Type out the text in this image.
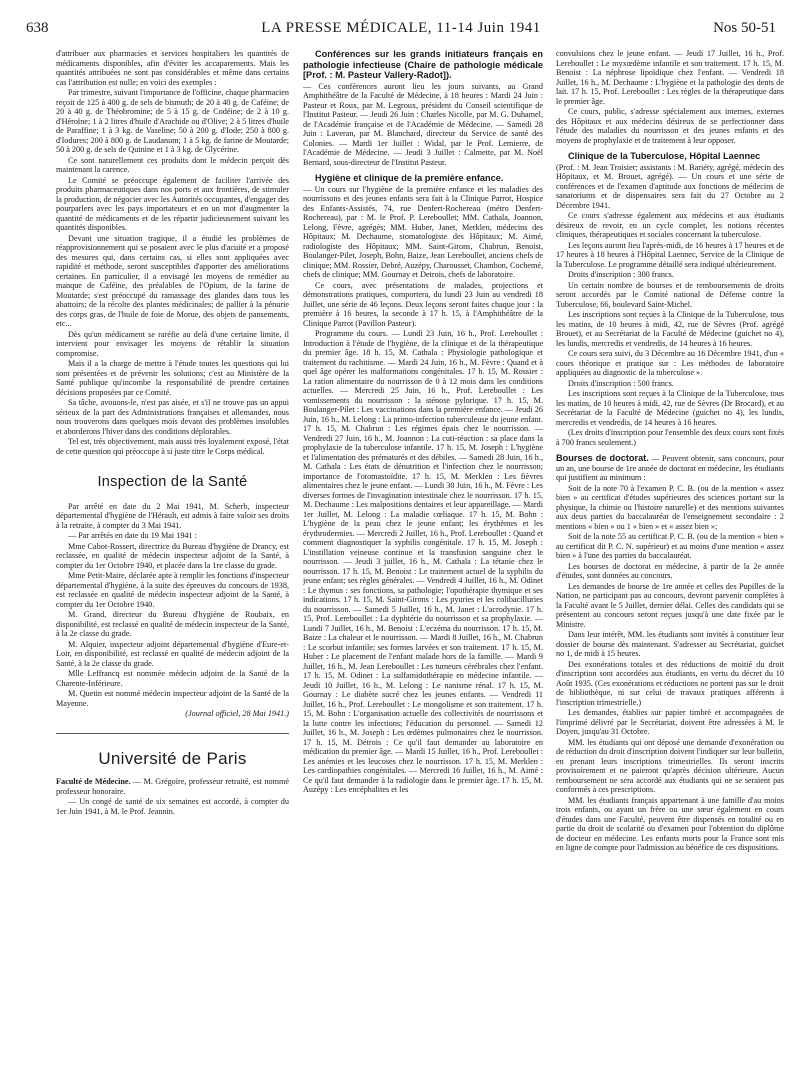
638	LA PRESSE MÉDICALE, 11-14 Juin 1941	Nos 50-51

d'attribuer aux pharmacies et services hospitaliers les quantités de médicaments disponibles, afin d'éviter les accaparements. Mais les quantités attribuées ne sont pas considérables et même dans certains cas l'attribution est nulle; en voici des exemples :

Par trimestre, suivant l'importance de l'officine, chaque pharmacien reçoit de 125 à 400 g. de sels de bismuth; de 20 à 40 g. de Caféine; de 20 à 40 g. de Théobromine; de 5 à 15 g. de Codéine; de 2 à 10 g. d'Héroïne; 1 à 2 litres d'huile d'Arachide ou d'Olive; 2 à 5 litres d'huile de Paraffine; 1 à 3 kg. de Vaseline; 50 à 200 g. d'Iode; 250 à 800 g. d'Iodures; 200 à 800 g. de Laudanum; 1 à 5 kg. de farine de Moutarde; 50 à 200 g. de sels de Quinine et 1 à 3 kg. de Glycérine.

Ce sont naturellement ces produits dont le médecin perçoit dès maintenant la carence.

Le Comité se préoccupe également de faciliter l'arrivée des produits pharmaceutiques dans nos ports et aux frontières, de stimuler la production, de négocier avec les Autorités occupantes, d'engager des pourparlers avec les pays importateurs et en un mot d'augmenter la quantité de médicaments et de les répartir judicieusement suivant les quantités disponibles.

Devant une situation tragique, il a étudié les problèmes de réapprovisionnement qui se posaient avec le plus d'acuité et a proposé des mesures qui, dans certains cas, si elles sont appliquées avec rapidité et méthode, seront susceptibles d'apporter des améliorations certaines. En particulier, il a envisagé les moyens de remédier au manque de Caféine, des préalables de l'Opium, de la farine de Moutarde; s'est préoccupé du ramassage des glandes dans tous les abattoirs; de la récolte des plantes médicinales; de pallier à la pénurie des corps gras, de l'huile de foie de Morue, des objets de pansements, etc...

Dès qu'un médicament se raréfie au delà d'une certaine limite, il intervient pour envisager les moyens de rétablir la situation compromise.

Mais il a la charge de mettre à l'étude toutes les questions qui lui sont présentées et de prévenir les solutions; c'est au Ministère de la Santé publique qu'incombe la responsabilité de prendre certaines décisions proposées par ce Comité.

Sa tâche, avouons-le, n'est pas aisée, et s'il ne trouve pas un appui sérieux de la part des Administrations françaises et allemandes, nous nous trouverons dans quelques mois devant des problèmes insolubles et aborderons l'hiver dans des conditions déplorables.

Tel est, très objectivement, mais aussi très loyalement exposé, l'état de cette question qui préoccupe à si juste titre le Corps médical.

Inspection de la Santé

Par arrêté en date du 2 Mai 1941, M. Scherb, inspecteur départemental d'hygiène de l'Hérault, est admis à faire valoir ses droits à la retraite, à compter du 3 Mai 1941.

— Par arrêtés en date du 19 Mai 1941 :

Mme Cabot-Rossert, directrice du Bureau d'hygiène de Drancy, est reclassée, en qualité de médecin inspecteur adjoint de la Santé, à compter du 1er Octobre 1940, et placée dans la 1re classe du grade.

Mme Petit-Maire, déclarée apte à remplir les fonctions d'inspecteur départemental d'hygiène, à la suite des épreuves du concours de 1938, est reclassée en qualité de médecin inspecteur adjoint de la Santé, à compter du 1er Octobre 1940.

M. Grand, directeur du Bureau d'hygiène de Roubaix, en disponibilité, est reclassé en qualité de médecin inspecteur de la Santé, à la 2e classe du grade.

M. Alquier, inspecteur adjoint départemental d'hygiène d'Eure-et-Loir, en disponibilité, est reclassé en qualité de médecin adjoint de la Santé, à la 2e classe du grade.

Mlle Leffrancq est nommée médecin adjoint de la Santé de la Charente-Inférieure.

M. Quetin est nommé médecin inspecteur adjoint de la Santé de la Mayenne.

(Journal officiel, 28 Mai 1941.)

Université de Paris

Faculté de Médecine. — M. Grégoire, professeur retraité, est nommé professeur honoraire.

— Un congé de santé de six semaines est accordé, à compter du 1er Juin 1941, à M. le Prof. Jeannin.

Conférences sur les grands initiateurs français en pathologie infectieuse (Chaire de pathologie médicale [Prof. : M. Pasteur Vallery-Radot]).

— Ces conférences auront lieu les jours suivants, au Grand Amphithéâtre de la Faculté de Médecine, à 18 heures : Mardi 24 Juin : Pasteur et Roux, par M. Legroux, président du Conseil scientifique de l'Institut Pasteur. — Jeudi 26 Juin : Charles Nicolle, par M. G. Duhamel, de l'Académie française et de l'Académie de Médecine. — Samedi 28 Juin : Laveran, par M. Blanchard, directeur du Service de santé des Colonies. — Mardi 1er Juillet : Widal, par le Prof. Lemierre, de l'Académie de Médecine. — Jeudi 3 Juillet : Calmette, par M. Noël Bernard, sous-directeur de l'Institut Pasteur.

Hygiène et clinique de la première enfance.

— Un cours sur l'hygiène de la première enfance et les maladies des nourrissons et des jeunes enfants sera fait à la Clinique Parrot, Hospice des Enfants-Assistés, 74, rue Denfert-Rochereau (métro Denfert-Rochereau), par : M. le Prof. P. Lereboullet; MM. Cathala, Joannon, Lelong, Fèvre, agrégés; MM. Huber, Janet, Merklen, médecins des Hôpitaux; M. Dechaume, stomatologiste des Hôpitaux; M. Aimé, radiologiste des Hôpitaux; MM. Saint-Girons, Chabrun, Benoist, Boulanger-Pilet, Joseph, Bohn, Baize, Jean Lereboullet, anciens chefs de clinique; MM. Rossier, Debré, Auzépy, Charousset, Chambon, Cochemé, chefs de clinique; MM. Gournay et Detrois, chefs de laboratoire.

Ce cours, avec présentations de malades, projections et démonstrations pratiques, comportera, du lundi 23 Juin au vendredi 18 Juillet, une série de 46 leçons. Deux leçons seront faites chaque jour : la première à 16 heures, la seconde à 17 h. 15, à l'Amphithéâtre de la Clinique Parrot (Pavillon Pasteur).

Programme du cours. — Lundi 23 Juin, 16 h., Prof. Lereboullet : Introduction à l'étude de l'hygiène, de la clinique et de la thérapeutique du premier âge. 18 h. 15, M. Cathala : Physiologie pathologique et traitement du rachitisme. — Mardi 24 Juin, 16 h., M. Fèvre : Quand et à quel âge opérer les malformations congénitales. 17 h. 15, M. Rossier : La ration alimentaire du nourrisson de 0 à 12 mois dans les conditions actuelles. — Mercredi 25 Juin, 16 h., Prof. Lereboullet : Les vomissements du nourrisson : la sténose pylorique. 17 h. 15, M. Boulanger-Pilet : Les vaccinations dans la première enfance. — Jeudi 26 Juin, 16 h., M. Lelong : La primo-infection tuberculeuse du jeune enfant. 17 h. 15, M. Chabrun : Les régimes épais chez le nourrisson. — Vendredi 27 Juin, 16 h., M. Joannon : La cuti-réaction : sa place dans la prophylaxie de la tuberculose infantile. 17 h. 15, M. Joseph : L'hygiène et l'alimentation des prématurés et des débiles. — Samedi 28 Juin, 16 h., M. Cathala : Les états de dénutrition et l'infection chez le nourrisson; importance de l'otomastoïdite. 17 h. 15, M. Merklen : Les fièvres alimentaires chez le jeune enfant. — Lundi 30 Juin, 16 h., M. Fèvre : Les diverses formes de l'invagination intestinale chez le nourrisson. 17 h. 15, M. Dechaume : Les malpositions dentaires et leur appareillage. — Mardi 1er Juillet, M. Lelong : La maladie cœliaque. 17 h. 15, M. Bohn : L'hygiène de la peau chez le jeune enfant; les érythèmes et les érythrodermies. — Mercredi 2 Juillet, 16 h., Prof. Lereboullet : Quand et comment diagnostiquer la syphilis congénitale. 17 h. 15, M. Joseph : L'instillation veineuse continue et la transfusion sanguine chez le nourrisson. — Jeudi 3 juillet, 16 h., M. Cathala : La tétanie chez le nourrisson. 17 h. 15, M. Benoist : Le traitement actuel de la syphilis du jeune enfant; ses règles générales. — Vendredi 4 Juillet, 16 h., M. Odinet : Le thymus : ses fonctions, sa pathologie; l'opothérapie thymique et ses indications. 17 h. 15, M. Saint-Girons : Les pyuries et les colibacilluries du nourrisson. — Samedi 5 Juillet, 16 h., M. Janet : L'acrodynie. 17 h. 15, Prof. Lereboullet : La dyphtérie du nourrisson et sa prophylaxie. — Lundi 7 Juillet, 16 h., M. Benoist : L'eczéma du nourrisson. 17 h. 15, M. Baize : La chaleur et le nourrisson. — Mardi 8 Juillet, 16 h., M. Chabrun : Le scorbut infantile; ses formes larvées et son traitement. 17 h. 15, M. Huber : Le placement de l'enfant malade hors de la famille. — Mardi 9 Juillet, 16 h., M. Jean Lereboullet : Les tumeurs cérébrales chez l'enfant. 17 h. 15, M. Odinet : La sulfamidothérapie en médecine infantile. — Jeudi 10 Juillet, 16 h., M. Lelong : Le nanisme rénal. 17 h. 15, M. Gournay : Le diabète sucré chez les jeunes enfants. — Vendredi 11 Juillet, 16 h., Prof. Lereboullet : Le mongolisme et son traitement. 17 h. 15, M. Bohn : L'organisation actuelle des collectivités de nourrissons et la lutte contre les infections; l'éducation du personnel. — Samedi 12 Juillet, 16 h., M. Joseph : Les œdèmes pulmonaires chez le nourrisson. 17 h. 15, M. Détrois : Ce qu'il faut demander au laboratoire en médication du premier âge. — Mardi 15 Juillet, 16 h., Prof. Lereboullet : Les anémies et les leucoses chez le nourrisson. 17 h. 15, M. Merklen : Les cardiopathies congénitales. — Mercredi 16 Juillet, 16 h., M. Aimé : Ce qu'il faut demander à la radiologie dans le premier âge. 17 h. 15, M. Auzépy : Les encéphalites et les

convulsions chez le jeune enfant. — Jeudi 17 Juillet, 16 h., Prof. Lereboullet : Le myxœdème infantile et son traitement. 17 h. 15, M. Benoist : La néphrose lipoïdique chez l'enfant. — Vendredi 18 Juillet, 16 h., M. Dechaume : L'hygiène et la pathologie des dents de lait. 17 h. 15, Prof. Lereboullet : Les règles de la thérapeutique dans le premier âge.

Ce cours, public, s'adresse spécialement aux internes, externes des Hôpitaux et aux médecins désireux de se perfectionner dans l'étude des maladies du nourrisson et des jeunes enfants et des moyens de prophylaxie et de traitement à leur opposer.

Clinique de la Tuberculose, Hôpital Laennec

(Prof. : M. Jean Troisier; assistants : M. Bariéty, agrégé, médecin des Hôpitaux, et M. Brouet, agrégé). — Un cours et une série de conférences et de l'examen d'aptitude aux fonctions de médecins de sanatoriums et de dispensaires sera fait du 27 Octobre au 2 Décembre 1941.

Ce cours s'adresse également aux médecins et aux étudiants désireux de revoir, en un cycle complet, les notions récentes cliniques, thérapeutiques et sociales concernant la tuberculose.

Les leçons auront lieu l'après-midi, de 16 heures à 17 heures et de 17 heures à 18 heures à l'Hôpital Laennec, Service de la Clinique de la Tuberculose. Le programme détaillé sera indiqué ultérieurement.

Droits d'inscription : 300 francs.

Un certain nombre de bourses et de remboursements de droits seront accordés par le Comité national de Défense contre la Tuberculose, 66, boulevard Saint-Michel.

Les inscriptions sont reçues à la Clinique de la Tuberculose, tous les matins, de 10 heures à midi, 42, rue de Sèvres (Prof. agrégé Brouet), et au Secrétariat de la Faculté de Médecine (guichet no 4), les lundis, mercredis et vendredis, de 14 heures à 16 heures.

Ce cours sera suivi, du 3 Décembre au 16 Décembre 1941, d'un « cours théorique et pratique sur : Les méthodes de laboratoire appliquées au diagnostic de la tuberculose ».

Droits d'inscription : 500 francs.

Les inscriptions sont reçues à la Clinique de la Tuberculose, tous les matins, de 10 heures à midi, 42, rue de Sèvres (Dr Brocard), et au Secrétariat de la Faculté de Médecine (guichet no 4), les lundis, mercredis et vendredis, de 14 heures à 16 heures.

(Les droits d'inscription pour l'ensemble des deux cours sont fixés à 700 francs seulement.)

Bourses de doctorat. — Peuvent obtenir, sans concours, pour un an, une bourse de 1re année de doctorat en médecine, les étudiants qui justifient au minimum :

Soit de la note 70 à l'examen P. C. B. (ou de la mention « assez bien » au certificat d'études supérieures des sciences portant sur la physique, la chimie ou l'histoire naturelle) et des mentions suivantes aux deux parties du baccalauréat de l'enseignement secondaire : 2 mentions « bien » ou 1 « bien » et « assez bien »;

Soit de la note 55 au certificat P. C. B. (ou de la mention « bien » au certificat dit P. C. N. supérieur) et au moins d'une mention « assez bien » à l'une des parties du baccalauréat.

Les bourses de doctorat en médecine, à partir de la 2e année d'études, sont données au concours.

Les demandes de bourse de 1re année et celles des Pupilles de la Nation, ne participant pas au concours, devront parvenir complètes à la Faculté avant le 5 Juillet, dernier délai. Celles des candidats qui se présentent au concours seront reçues jusqu'à une date fixée par le Ministre.

Dans leur intérêt, MM. les étudiants sont invités à constituer leur dossier de bourse dès maintenant. S'adresser au Secrétariat, guichet no 1, de midi à 15 heures.

Des exonérations totales et des réductions de moitié du droit d'inscription sont accordées aux étudiants, en vertu du décret du 10 Août 1935. (Ces exonérations et réductions ne portent pas sur le droit de bibliothèque, ni sur celui de travaux pratiques afférents à l'inscription trimestrielle.)

Les demandes, établies sur papier timbré et accompagnées de l'imprimé délivré par le Secrétariat, doivent être adressées à M. le Doyen, jusqu'au 31 Octobre.

MM. les étudiants qui ont déposé une demande d'exonération ou de réduction du droit d'inscription doivent l'indiquer sur leur bulletin, en prenant leurs inscriptions trimestrielles. Ils seront inscrits provisoirement et ne paieront qu'après décision ultérieure. Aucun remboursement ne sera accordé aux étudiants qui ne se seraient pas conformés à ces prescriptions.

MM. les étudiants français appartenant à une famille d'au moins trois enfants, ou ayant un frère ou une sœur également en cours d'études dans une Faculté, peuvent être dispensés en totalité ou en partie du droit de scolarité ou d'examen pour l'obtention du diplôme de docteur en médecine. Les enfants morts pour la France sont mis en ligne de compte pour l'admission au bénéfice de ces dispositions.
